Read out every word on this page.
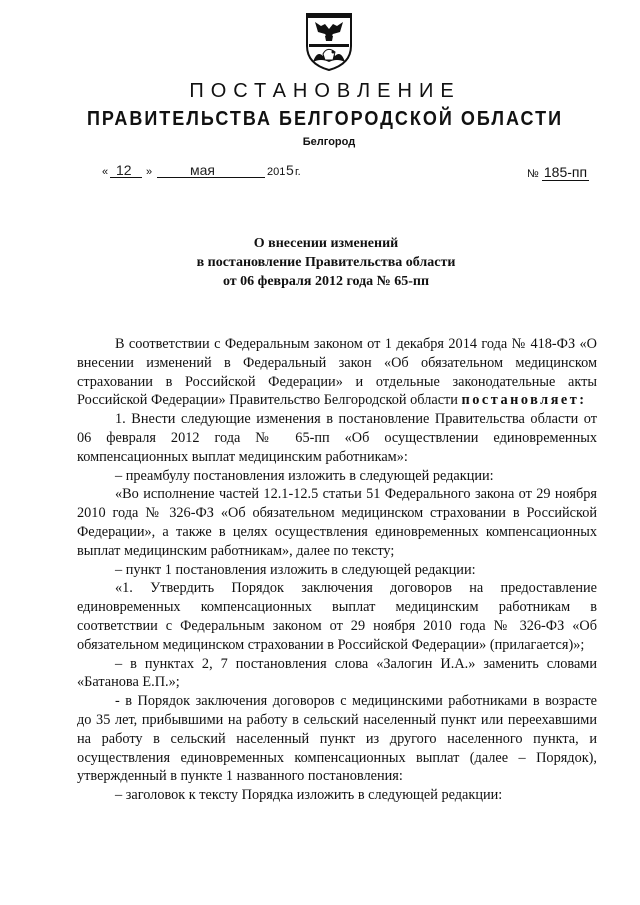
ПОСТАНОВЛЕНИЕ
ПРАВИТЕЛЬСТВА БЕЛГОРОДСКОЙ ОБЛАСТИ
Белгород
« 12 »	мая	201 5 г.	№ 185-пп
О внесении изменений
в постановление Правительства области
от 06 февраля 2012 года № 65-пп

В соответствии с Федеральным законом от 1 декабря 2014 года № 418-ФЗ «О внесении изменений в Федеральный закон «Об обязательном медицинском страховании в Российской Федерации» и отдельные законодательные акты Российской Федерации» Правительство Белгородской области постановляет:

1. Внести следующие изменения в постановление Правительства области от 06 февраля 2012 года № 65-пп «Об осуществлении единовременных компенсационных выплат медицинским работникам»:

– преамбулу постановления изложить в следующей редакции:

«Во исполнение частей 12.1-12.5 статьи 51 Федерального закона от 29 ноября 2010 года № 326-ФЗ «Об обязательном медицинском страховании в Российской Федерации», а также в целях осуществления единовременных компенсационных выплат медицинским работникам», далее по тексту;

– пункт 1 постановления изложить в следующей редакции:

«1. Утвердить Порядок заключения договоров на предоставление единовременных компенсационных выплат медицинским работникам в соответствии с Федеральным законом от 29 ноября 2010 года № 326-ФЗ «Об обязательном медицинском страховании в Российской Федерации» (прилагается)»;

– в пунктах 2, 7 постановления слова «Залогин И.А.» заменить словами «Батанова Е.П.»;

- в Порядок заключения договоров с медицинскими работниками в возрасте до 35 лет, прибывшими на работу в сельский населенный пункт или переехавшими на работу в сельский населенный пункт из другого населенного пункта, и осуществления единовременных компенсационных выплат (далее – Порядок), утвержденный в пункте 1 названного постановления:

– заголовок к тексту Порядка изложить в следующей редакции:
